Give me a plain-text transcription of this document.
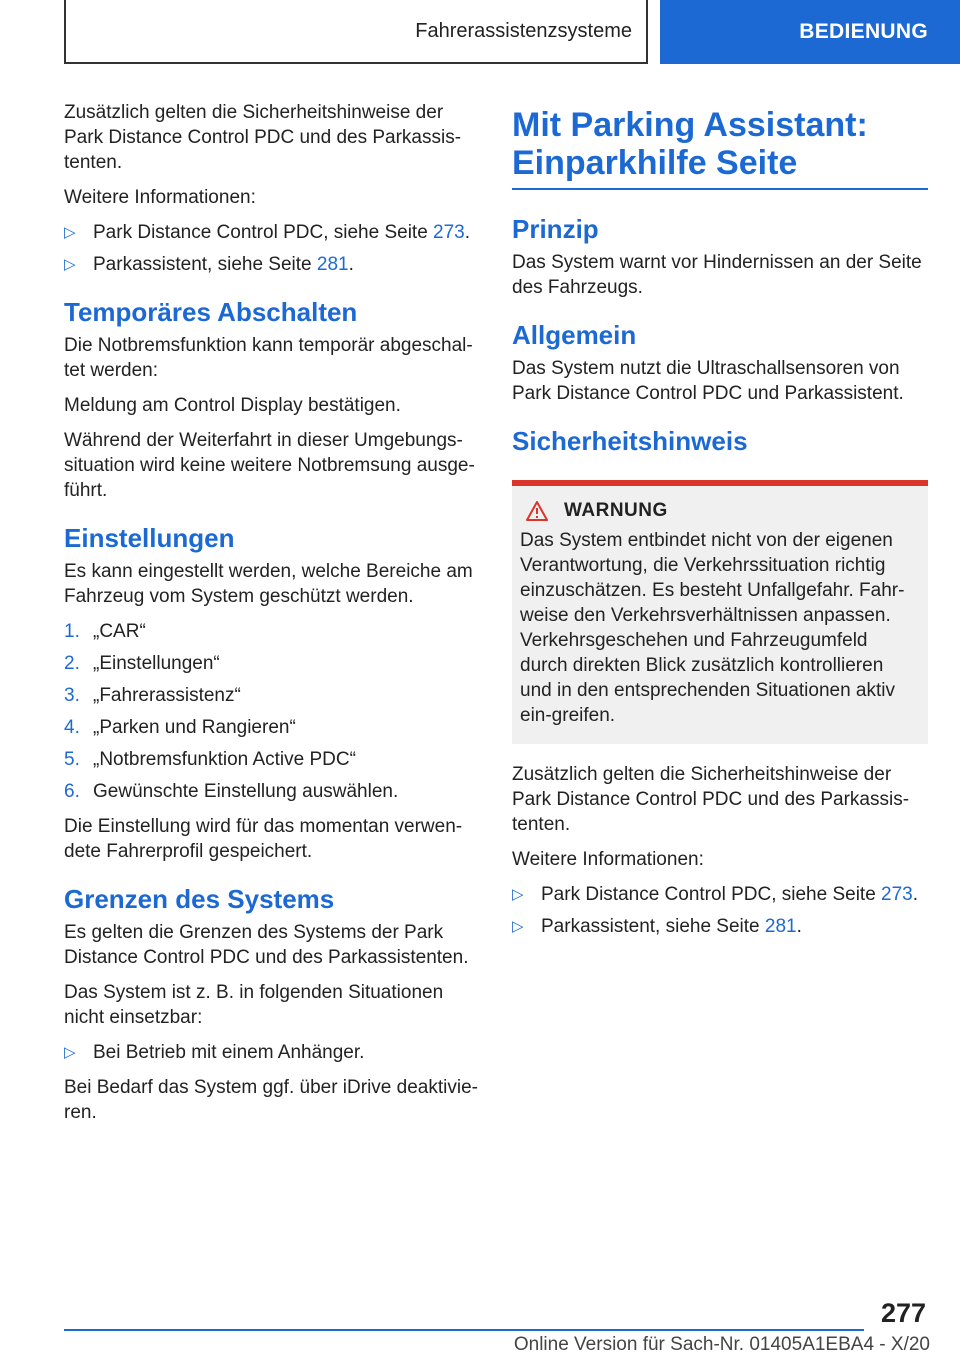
Fahrerassistenzsysteme	BEDIENUNG

Zusätzlich gelten die Sicherheitshinweise der Park Distance Control PDC und des Parkassis-tenten.

Weitere Informationen:

▷ Park Distance Control PDC, siehe Seite 273.
▷ Parkassistent, siehe Seite 281.
Temporäres Abschalten

Die Notbremsfunktion kann temporär abgeschal-tet werden:

Meldung am Control Display bestätigen.

Während der Weiterfahrt in dieser Umgebungs-situation wird keine weitere Notbremsung ausge-führt.

Einstellungen

Es kann eingestellt werden, welche Bereiche am Fahrzeug vom System geschützt werden.

1. „CAR“
2. „Einstellungen“
3. „Fahrerassistenz“
4. „Parken und Rangieren“
5. „Notbremsfunktion Active PDC“
6. Gewünschte Einstellung auswählen.

Die Einstellung wird für das momentan verwen-dete Fahrerprofil gespeichert.

Grenzen des Systems

Es gelten die Grenzen des Systems der Park Distance Control PDC und des Parkassistenten.

Das System ist z. B. in folgenden Situationen nicht einsetzbar:

▷ Bei Betrieb mit einem Anhänger.

Bei Bedarf das System ggf. über iDrive deaktivie-ren.

Mit Parking Assistant: Einparkhilfe Seite
Prinzip

Das System warnt vor Hindernissen an der Seite des Fahrzeugs.

Allgemein

Das System nutzt die Ultraschallsensoren von Park Distance Control PDC und Parkassistent.

Sicherheitshinweis
WARNUNG

Das System entbindet nicht von der eigenen Verantwortung, die Verkehrssituation richtig einzuschätzen. Es besteht Unfallgefahr. Fahr-weise den Verkehrsverhältnissen anpassen. Verkehrsgeschehen und Fahrzeugumfeld durch direkten Blick zusätzlich kontrollieren und in den entsprechenden Situationen aktiv ein-greifen.

Zusätzlich gelten die Sicherheitshinweise der Park Distance Control PDC und des Parkassis-tenten.

Weitere Informationen:

▷ Park Distance Control PDC, siehe Seite 273.
▷ Parkassistent, siehe Seite 281.
277
Online Version für Sach-Nr. 01405A1EBA4 - X/20
